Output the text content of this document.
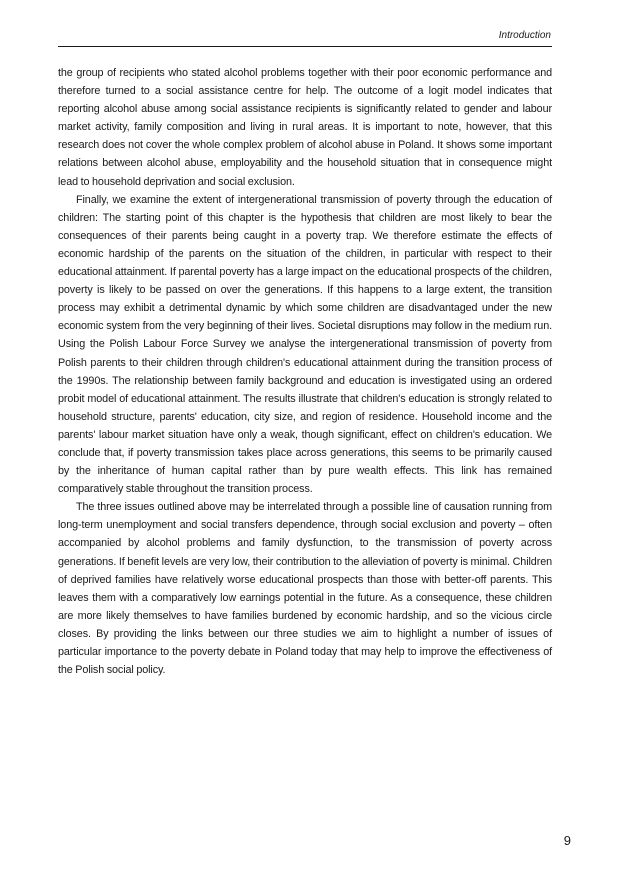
Introduction

the group of recipients who stated alcohol problems together with their poor economic performance and therefore turned to a social assistance centre for help. The outcome of a logit model indicates that reporting alcohol abuse among social assistance recipients is significantly related to gender and labour market activity, family composition and living in rural areas. It is important to note, however, that this research does not cover the whole complex problem of alcohol abuse in Poland. It shows some important relations between alcohol abuse, employability and the household situation that in consequence might lead to household deprivation and social exclusion.

Finally, we examine the extent of intergenerational transmission of poverty through the education of children: The starting point of this chapter is the hypothesis that children are most likely to bear the consequences of their parents being caught in a poverty trap. We therefore estimate the effects of economic hardship of the parents on the situation of the children, in particular with respect to their educational attainment. If parental poverty has a large impact on the educational prospects of the children, poverty is likely to be passed on over the generations. If this happens to a large extent, the transition process may exhibit a detrimental dynamic by which some children are disadvantaged under the new economic system from the very beginning of their lives. Societal disruptions may follow in the medium run. Using the Polish Labour Force Survey we analyse the intergenerational transmission of poverty from Polish parents to their children through children's educational attainment during the transition process of the 1990s. The relationship between family background and education is investigated using an ordered probit model of educational attainment. The results illustrate that children's education is strongly related to household structure, parents' education, city size, and region of residence. Household income and the parents' labour market situation have only a weak, though significant, effect on children's education. We conclude that, if poverty transmission takes place across generations, this seems to be primarily caused by the inheritance of human capital rather than by pure wealth effects. This link has remained comparatively stable throughout the transition process.

The three issues outlined above may be interrelated through a possible line of causation running from long-term unemployment and social transfers dependence, through social exclusion and poverty – often accompanied by alcohol problems and family dysfunction, to the transmission of poverty across generations. If benefit levels are very low, their contribution to the alleviation of poverty is minimal. Children of deprived families have relatively worse educational prospects than those with better-off parents. This leaves them with a comparatively low earnings potential in the future. As a consequence, these children are more likely themselves to have families burdened by economic hardship, and so the vicious circle closes. By providing the links between our three studies we aim to highlight a number of issues of particular importance to the poverty debate in Poland today that may help to improve the effectiveness of the Polish social policy.

9
